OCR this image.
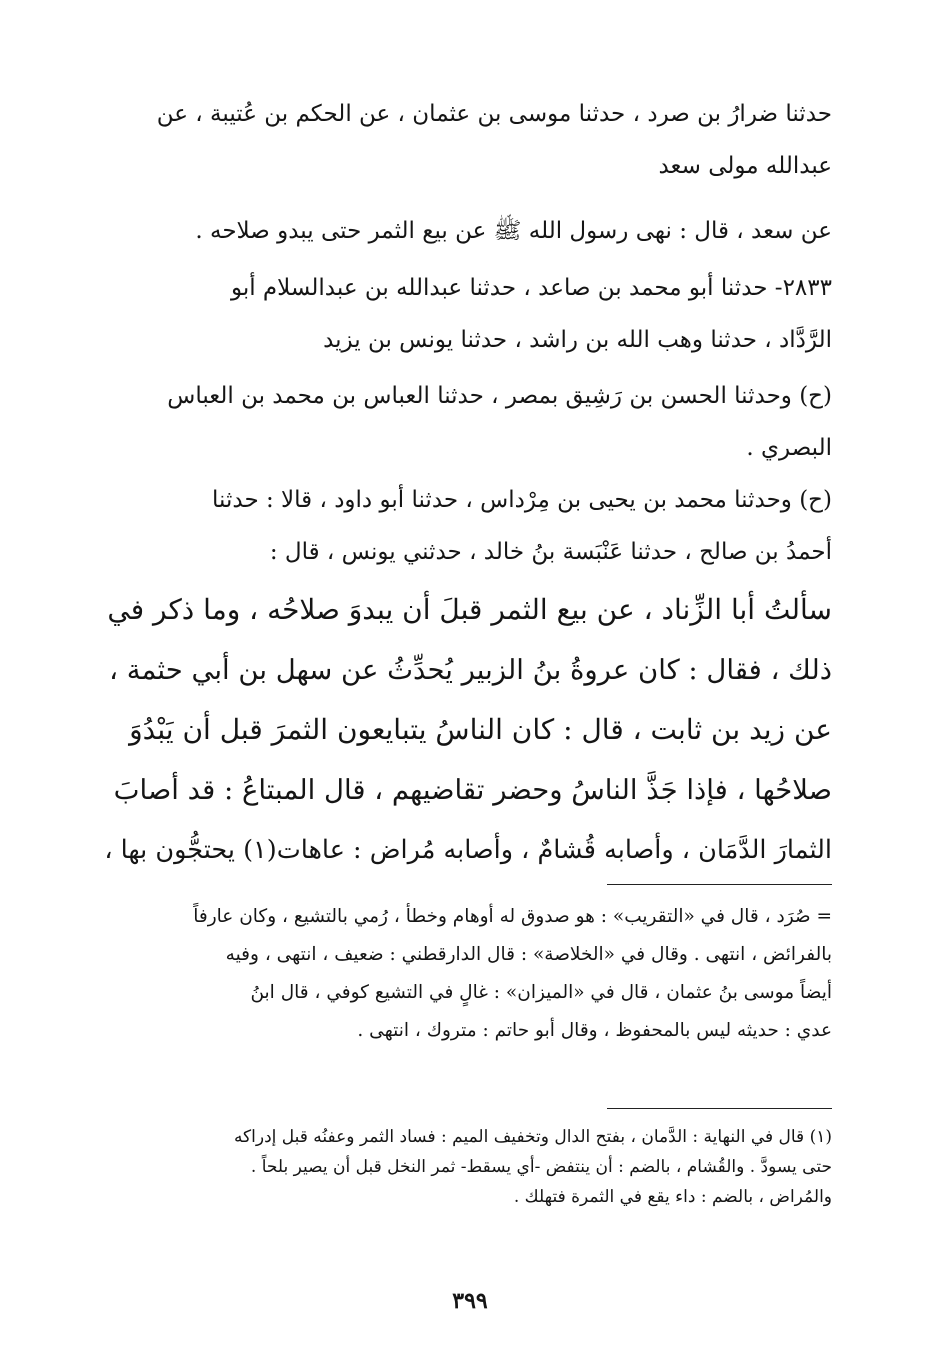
حدثنا ضرارُ بن صرد ، حدثنا موسى بن عثمان ، عن الحكم بن عُتيبة ، عن
عبدالله مولى سعد
عن سعد ، قال : نهى رسول الله ﷺ عن بيع الثمر حتى يبدو صلاحه .
٢٨٣٣- حدثنا أبو محمد بن صاعد ، حدثنا عبدالله بن عبدالسلام أبو
الرَّدَّاد ، حدثنا وهب الله بن راشد ، حدثنا يونس بن يزيد
(ح) وحدثنا الحسن بن رَشِيق بمصر ، حدثنا العباس بن محمد بن العباس
البصري .
(ح) وحدثنا محمد بن يحيى بن مِرْداس ، حدثنا أبو داود ، قالا : حدثنا
أحمدُ بن صالح ، حدثنا عَنْبَسة بنُ خالد ، حدثني يونس ، قال :
سألتُ أبا الزِّناد ، عن بيع الثمر قبلَ أن يبدوَ صلاحُه ، وما ذكر في
ذلك ، فقال : كان عروةُ بنُ الزبير يُحدِّثُ عن سهل بن أبي حثمة ،
عن زيد بن ثابت ، قال : كان الناسُ يتبايعون الثمرَ قبل أن يَبْدُوَ
صلاحُها ، فإذا جَذَّ الناسُ وحضر تقاضيهم ، قال المبتاعُ : قد أصابَ
الثمارَ الدَّمَان ، وأصابه قُشامٌ ، وأصابه مُراض : عاهات(١) يحتجُّون بها ،
= صُرَد ، قال في «التقريب» : هو صدوق له أوهام وخطأ ، رُمي بالتشيع ، وكان عارفاً
بالفرائض ، انتهى . وقال في «الخلاصة» : قال الدارقطني : ضعيف ، انتهى ، وفيه
أيضاً موسى بنُ عثمان ، قال في «الميزان» : غالٍ في التشيع كوفي ، قال ابنُ
عدي : حديثه ليس بالمحفوظ ، وقال أبو حاتم : متروك ، انتهى .
(١) قال في النهاية : الدَّمان ، بفتح الدال وتخفيف الميم : فساد الثمر وعفنُه قبل إدراكه
حتى يسودَّ . والقُشام ، بالضم : أن ينتفض -أي يسقط- ثمر النخل قبل أن يصير بلحاً .
والمُراض ، بالضم : داء يقع في الثمرة فتهلك .
٣٩٩
